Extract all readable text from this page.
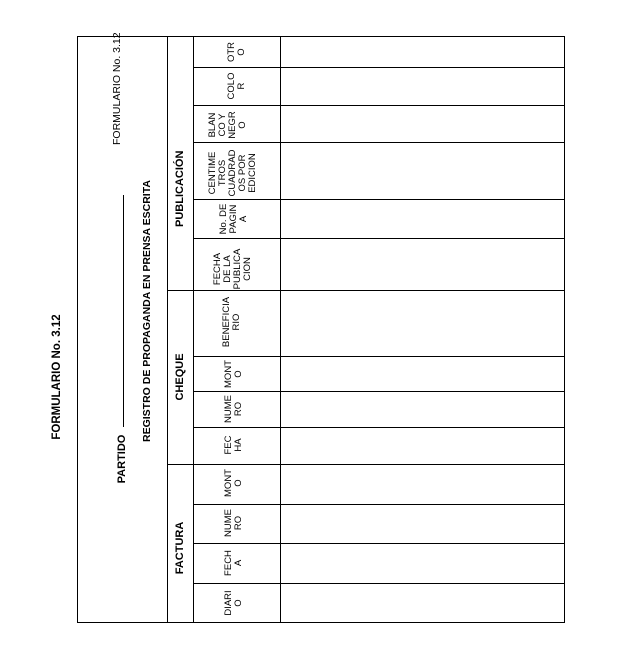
FORMULARIO No. 3.12
FORMULARIO No. 3.12
PARTIDO
REGISTRO DE PROPAGANDA EN PRENSA ESCRITA PUBLICACIÓN
CHEQUE
FACTURA
OTR
O
COLO
R
BLAN
CO Y
NEGR
O
CENTIME
TROS
CUADRAD
OS POR
EDICION
No. DE
PAGIN
A
FECHA
DE LA
PUBLICA
CION
BENEFICIA
RIO
MONT
O
NUME
RO
FEC
HA
MONT
O
NUME
RO
FECH
A
DIARI
O
